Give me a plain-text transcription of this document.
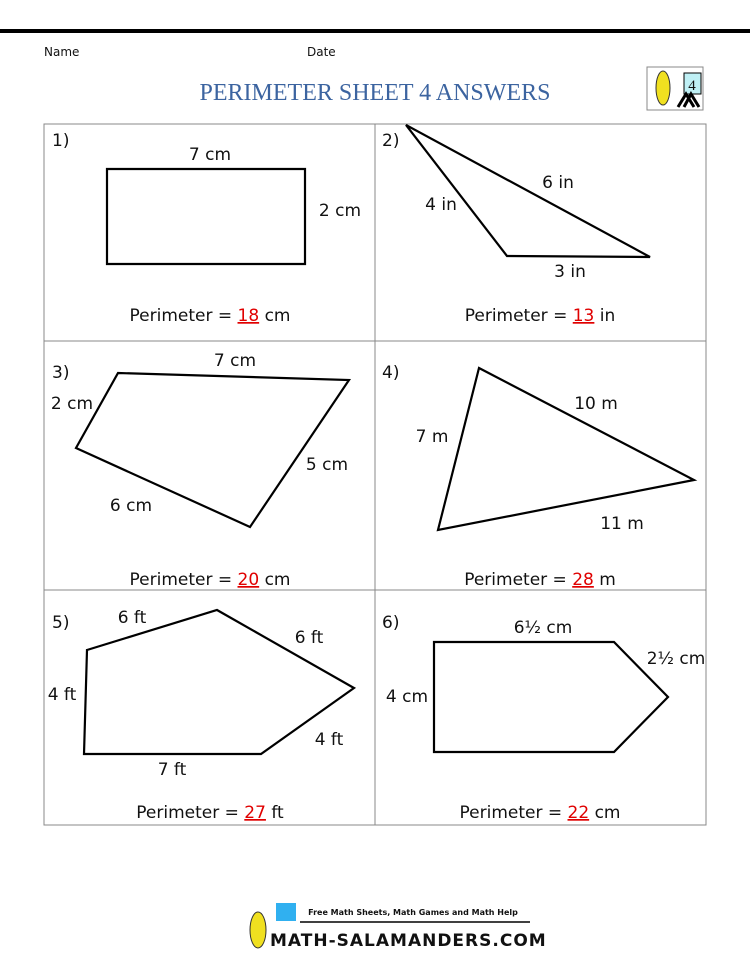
Name	Date
PERIMETER SHEET 4 ANSWERS	4
1)	2)
3)	4)
5)	6)
7 cm
2 cm
6 in
4 in
3 in
7 cm
2 cm
5 cm
6 cm
10 m
7 m
11 m
6 ft
6 ft
4 ft
4 ft
7 ft
6½ cm
2½ cm
4 cm
Perimeter = 18 cm	Perimeter = 13 in
Perimeter = 20 cm	Perimeter = 28 m
Perimeter = 27 ft	Perimeter = 22 cm
Free Math Sheets, Math Games and Math Help
MATH-SALAMANDERS.COM
